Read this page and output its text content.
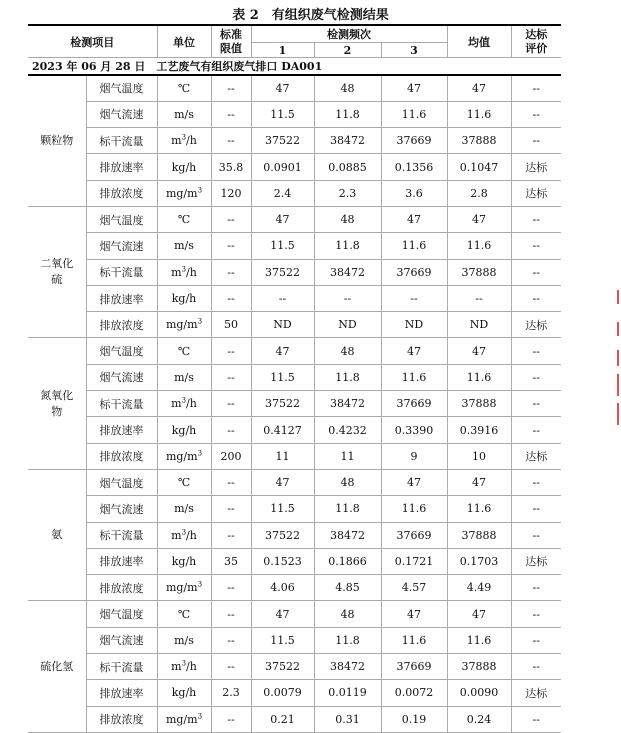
表 2　有组织废气检测结果
检测项目		单位	标准
限值	检测频次			均值	达标
评价
				1	2	3		
2023 年 06 月 28 日　工艺废气有组织废气排口 DA001								
颗粒物	烟气温度	℃	--	47	48	47	47	--
	烟气流速	m/s	--	11.5	11.8	11.6	11.6	--
	标干流量	$m^3/h$	--	37522	38472	37669	37888	--
	排放速率	kg/h	35.8	0.0901	0.0885	0.1356	0.1047	达标
	排放浓度	$mg/m^3$	120	2.4	2.3	3.6	2.8	达标
二氧化
硫	烟气温度	℃	--	47	48	47	47	--
	烟气流速	m/s	--	11.5	11.8	11.6	11.6	--
	标干流量	$m^3/h$	--	37522	38472	37669	37888	--
	排放速率	kg/h	--	--	--	--	--	--
	排放浓度	$mg/m^3$	50	ND	ND	ND	ND	达标
氮氧化
物	烟气温度	℃	--	47	48	47	47	--
	烟气流速	m/s	--	11.5	11.8	11.6	11.6	--
	标干流量	$m^3/h$	--	37522	38472	37669	37888	--
	排放速率	kg/h	--	0.4127	0.4232	0.3390	0.3916	--
	排放浓度	$mg/m^3$	200	11	11	9	10	达标
氨	烟气温度	℃	--	47	48	47	47	--
	烟气流速	m/s	--	11.5	11.8	11.6	11.6	--
	标干流量	$m^3/h$	--	37522	38472	37669	37888	--
	排放速率	kg/h	35	0.1523	0.1866	0.1721	0.1703	达标
	排放浓度	$mg/m^3$	--	4.06	4.85	4.57	4.49	--
硫化氢	烟气温度	℃	--	47	48	47	47	--
	烟气流速	m/s	--	11.5	11.8	11.6	11.6	--
	标干流量	$m^3/h$	--	37522	38472	37669	37888	--
	排放速率	kg/h	2.3	0.0079	0.0119	0.0072	0.0090	达标
	排放浓度	$mg/m^3$	--	0.21	0.31	0.19	0.24	--
